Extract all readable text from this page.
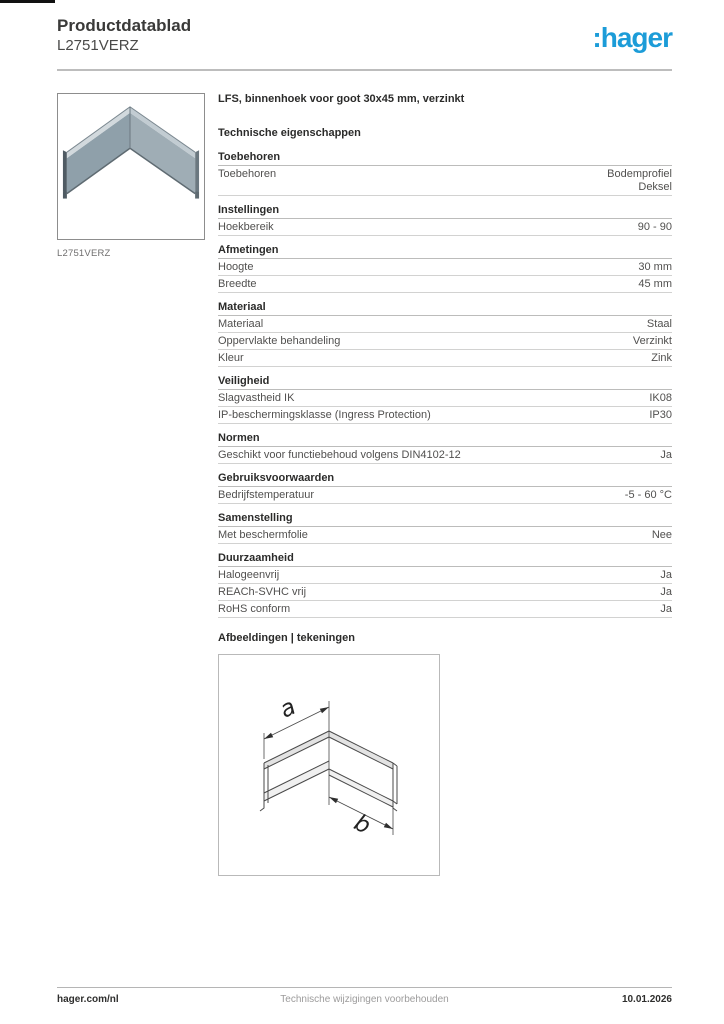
Productdatablad
L2751VERZ	:hager
L2751VERZ
LFS, binnenhoek voor goot 30x45 mm, verzinkt
Technische eigenschappen
Toebehoren
Toebehoren	Bodemprofiel
Deksel
Instellingen
Hoekbereik	90 - 90
Afmetingen
Hoogte	30 mm
Breedte	45 mm
Materiaal
Materiaal	Staal
Oppervlakte behandeling	Verzinkt
Kleur	Zink
Veiligheid
Slagvastheid IK	IK08
IP-beschermingsklasse (Ingress Protection)	IP30
Normen
Geschikt voor functiebehoud volgens DIN4102-12	Ja
Gebruiksvoorwaarden
Bedrijfstemperatuur	-5 - 60 °C
Samenstelling
Met beschermfolie	Nee
Duurzaamheid
Halogeenvrij	Ja
REACh-SVHC vrij	Ja
RoHS conform	Ja
Afbeeldingen | tekeningen
a
b
hager.com/nl	Technische wijzigingen voorbehouden	10.01.2026
